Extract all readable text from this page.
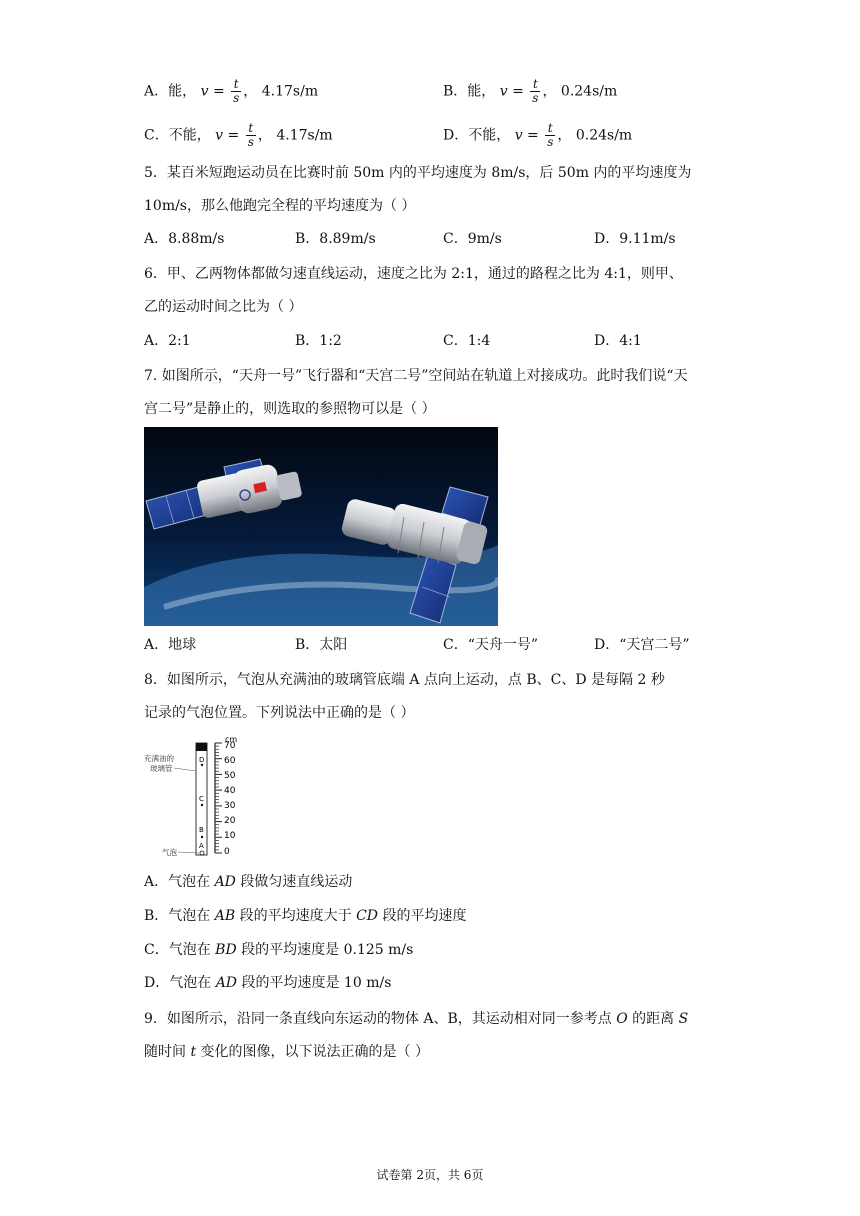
A．能， $v = \frac{t}{s}$ ， 4.17s/m	B．能， $v = \frac{t}{s}$ ， 0.24s/m
C．不能， $v = \frac{t}{s}$ ， 4.17s/m	D．不能， $v = \frac{t}{s}$ ， 0.24s/m
5．某百米短跑运动员在比赛时前 50m 内的平均速度为 8m/s，后 50m 内的平均速度为
10m/s，那么他跑完全程的平均速度为（ ）
A．8.88m/s	B．8.89m/s	C．9m/s	D．9.11m/s
6．甲、乙两物体都做匀速直线运动，速度之比为 2:1，通过的路程之比为 4:1，则甲、
乙的运动时间之比为（ ）
A．2:1	B．1:2	C．1:4	D．4:1
7. 如图所示，“天舟一号”飞行器和“天宫二号”空间站在轨道上对接成功。此时我们说“天
宫二号”是静止的，则选取的参照物可以是（ ）
A．地球	B．太阳	C．“天舟一号”	D．“天宫二号”
8．如图所示，气泡从充满油的玻璃管底端 A 点向上运动，点 B、C、D 是每隔 2 秒
记录的气泡位置。下列说法中正确的是（ ）
cm
70
60
50
40
30
20
10
0
D
C
B
A
充满油的
玻璃管
气泡
A．气泡在 AD 段做匀速直线运动
B．气泡在 AB 段的平均速度大于 CD 段的平均速度
C．气泡在 BD 段的平均速度是 0.125 m/s
D．气泡在 AD 段的平均速度是 10 m/s
9．如图所示，沿同一条直线向东运动的物体 A、B，其运动相对同一参考点 O 的距离 S
随时间 t 变化的图像，以下说法正确的是（ ）
试卷第 2页，共 6页
